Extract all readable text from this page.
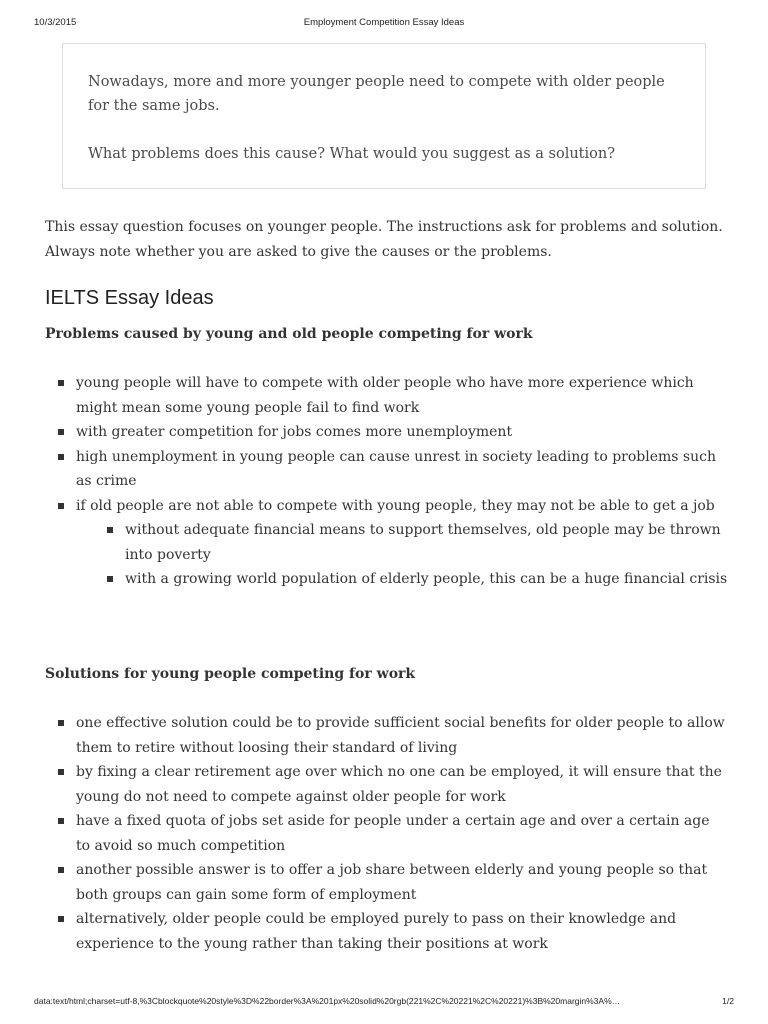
10/3/2015	Employment Competition Essay Ideas

Nowadays, more and more younger people need to compete with older people for the same jobs.

What problems does this cause? What would you suggest as a solution?

This essay question focuses on younger people. The instructions ask for problems and solution. Always note whether you are asked to give the causes or the problems.

IELTS Essay Ideas

Problems caused by young and old people competing for work

young people will have to compete with older people who have more experience which might mean some young people fail to find work
with greater competition for jobs comes more unemployment
high unemployment in young people can cause unrest in society leading to problems such as crime
if old people are not able to compete with young people, they may not be able to get a job
without adequate financial means to support themselves, old people may be thrown into poverty
with a growing world population of elderly people, this can be a huge financial crisis

Solutions for young people competing for work

one effective solution could be to provide sufficient social benefits for older people to allow them to retire without loosing their standard of living
by fixing a clear retirement age over which no one can be employed, it will ensure that the young do not need to compete against older people for work
have a fixed quota of jobs set aside for people under a certain age and over a certain age to avoid so much competition
another possible answer is to offer a job share between elderly and young people so that both groups can gain some form of employment
alternatively, older people could be employed purely to pass on their knowledge and experience to the young rather than taking their positions at work
data:text/html;charset=utf-8,%3Cblockquote%20style%3D%22border%3A%201px%20solid%20rgb(221%2C%20221%2C%20221)%3B%20margin%3A%…	1/2
